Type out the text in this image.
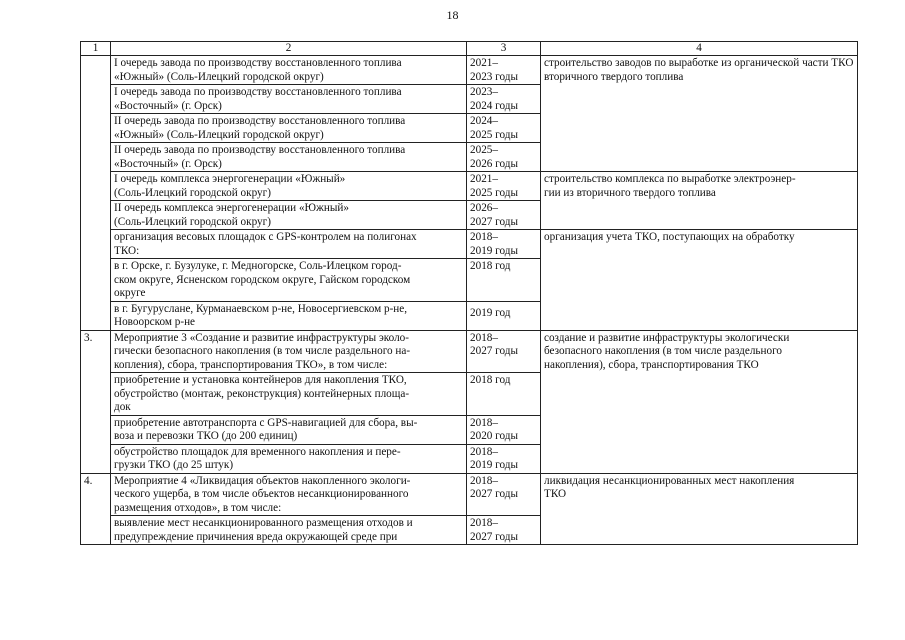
18
1	2	3	4
	I очередь завода по производству восстановленного топлива
«Южный» (Соль-Илецкий городской округ)	2021–
2023 годы	строительство заводов по выработке из органической части ТКО вторичного твердого топлива
	I очередь завода по производству восстановленного топлива
«Восточный» (г. Орск)	2023–
2024 годы	
	II очередь завода по производству восстановленного топлива
«Южный» (Соль-Илецкий городской округ)	2024–
2025 годы	
	II очередь завода по производству восстановленного топлива
«Восточный» (г. Орск)	2025–
2026 годы	
	I очередь комплекса энергогенерации «Южный»
(Соль-Илецкий городской округ)	2021–
2025 годы	строительство комплекса по выработке электроэнер-
гии из вторичного твердого топлива
	II очередь комплекса энергогенерации «Южный»
(Соль-Илецкий городской округ)	2026–
2027 годы	
	организация весовых площадок с GPS-контролем на полигонах
ТКО:	2018–
2019 годы	организация учета ТКО, поступающих на обработку
	в г. Орске, г. Бузулуке, г. Медногорске, Соль-Илецком город-
ском округе, Ясненском городском округе, Гайском городском
округе	2018 год	
	в г. Бугуруслане, Курманаевском р-не, Новосергиевском р-не,
Новоорском р-не	2019 год	
3.	Мероприятие 3 «Создание и развитие инфраструктуры эколо-
гически безопасного накопления (в том числе раздельного на-
копления), сбора, транспортирования ТКО», в том числе:	2018–
2027 годы	создание и развитие инфраструктуры экологически
безопасного накопления (в том числе раздельного
накопления), сбора, транспортирования ТКО
	приобретение и установка контейнеров для накопления ТКО,
обустройство (монтаж, реконструкция) контейнерных площа-
док	2018 год	
	приобретение автотранспорта с GPS-навигацией для сбора, вы-
воза и перевозки ТКО (до 200 единиц)	2018–
2020 годы	
	обустройство площадок для временного накопления и пере-
грузки ТКО (до 25 штук)	2018–
2019 годы	
4.	Мероприятие 4 «Ликвидация объектов накопленного экологи-
ческого ущерба, в том числе объектов несанкционированного
размещения отходов», в том числе:	2018–
2027 годы	ликвидация несанкционированных мест накопления
ТКО
	выявление мест несанкционированного размещения отходов и
предупреждение причинения вреда окружающей среде при	2018–
2027 годы	
